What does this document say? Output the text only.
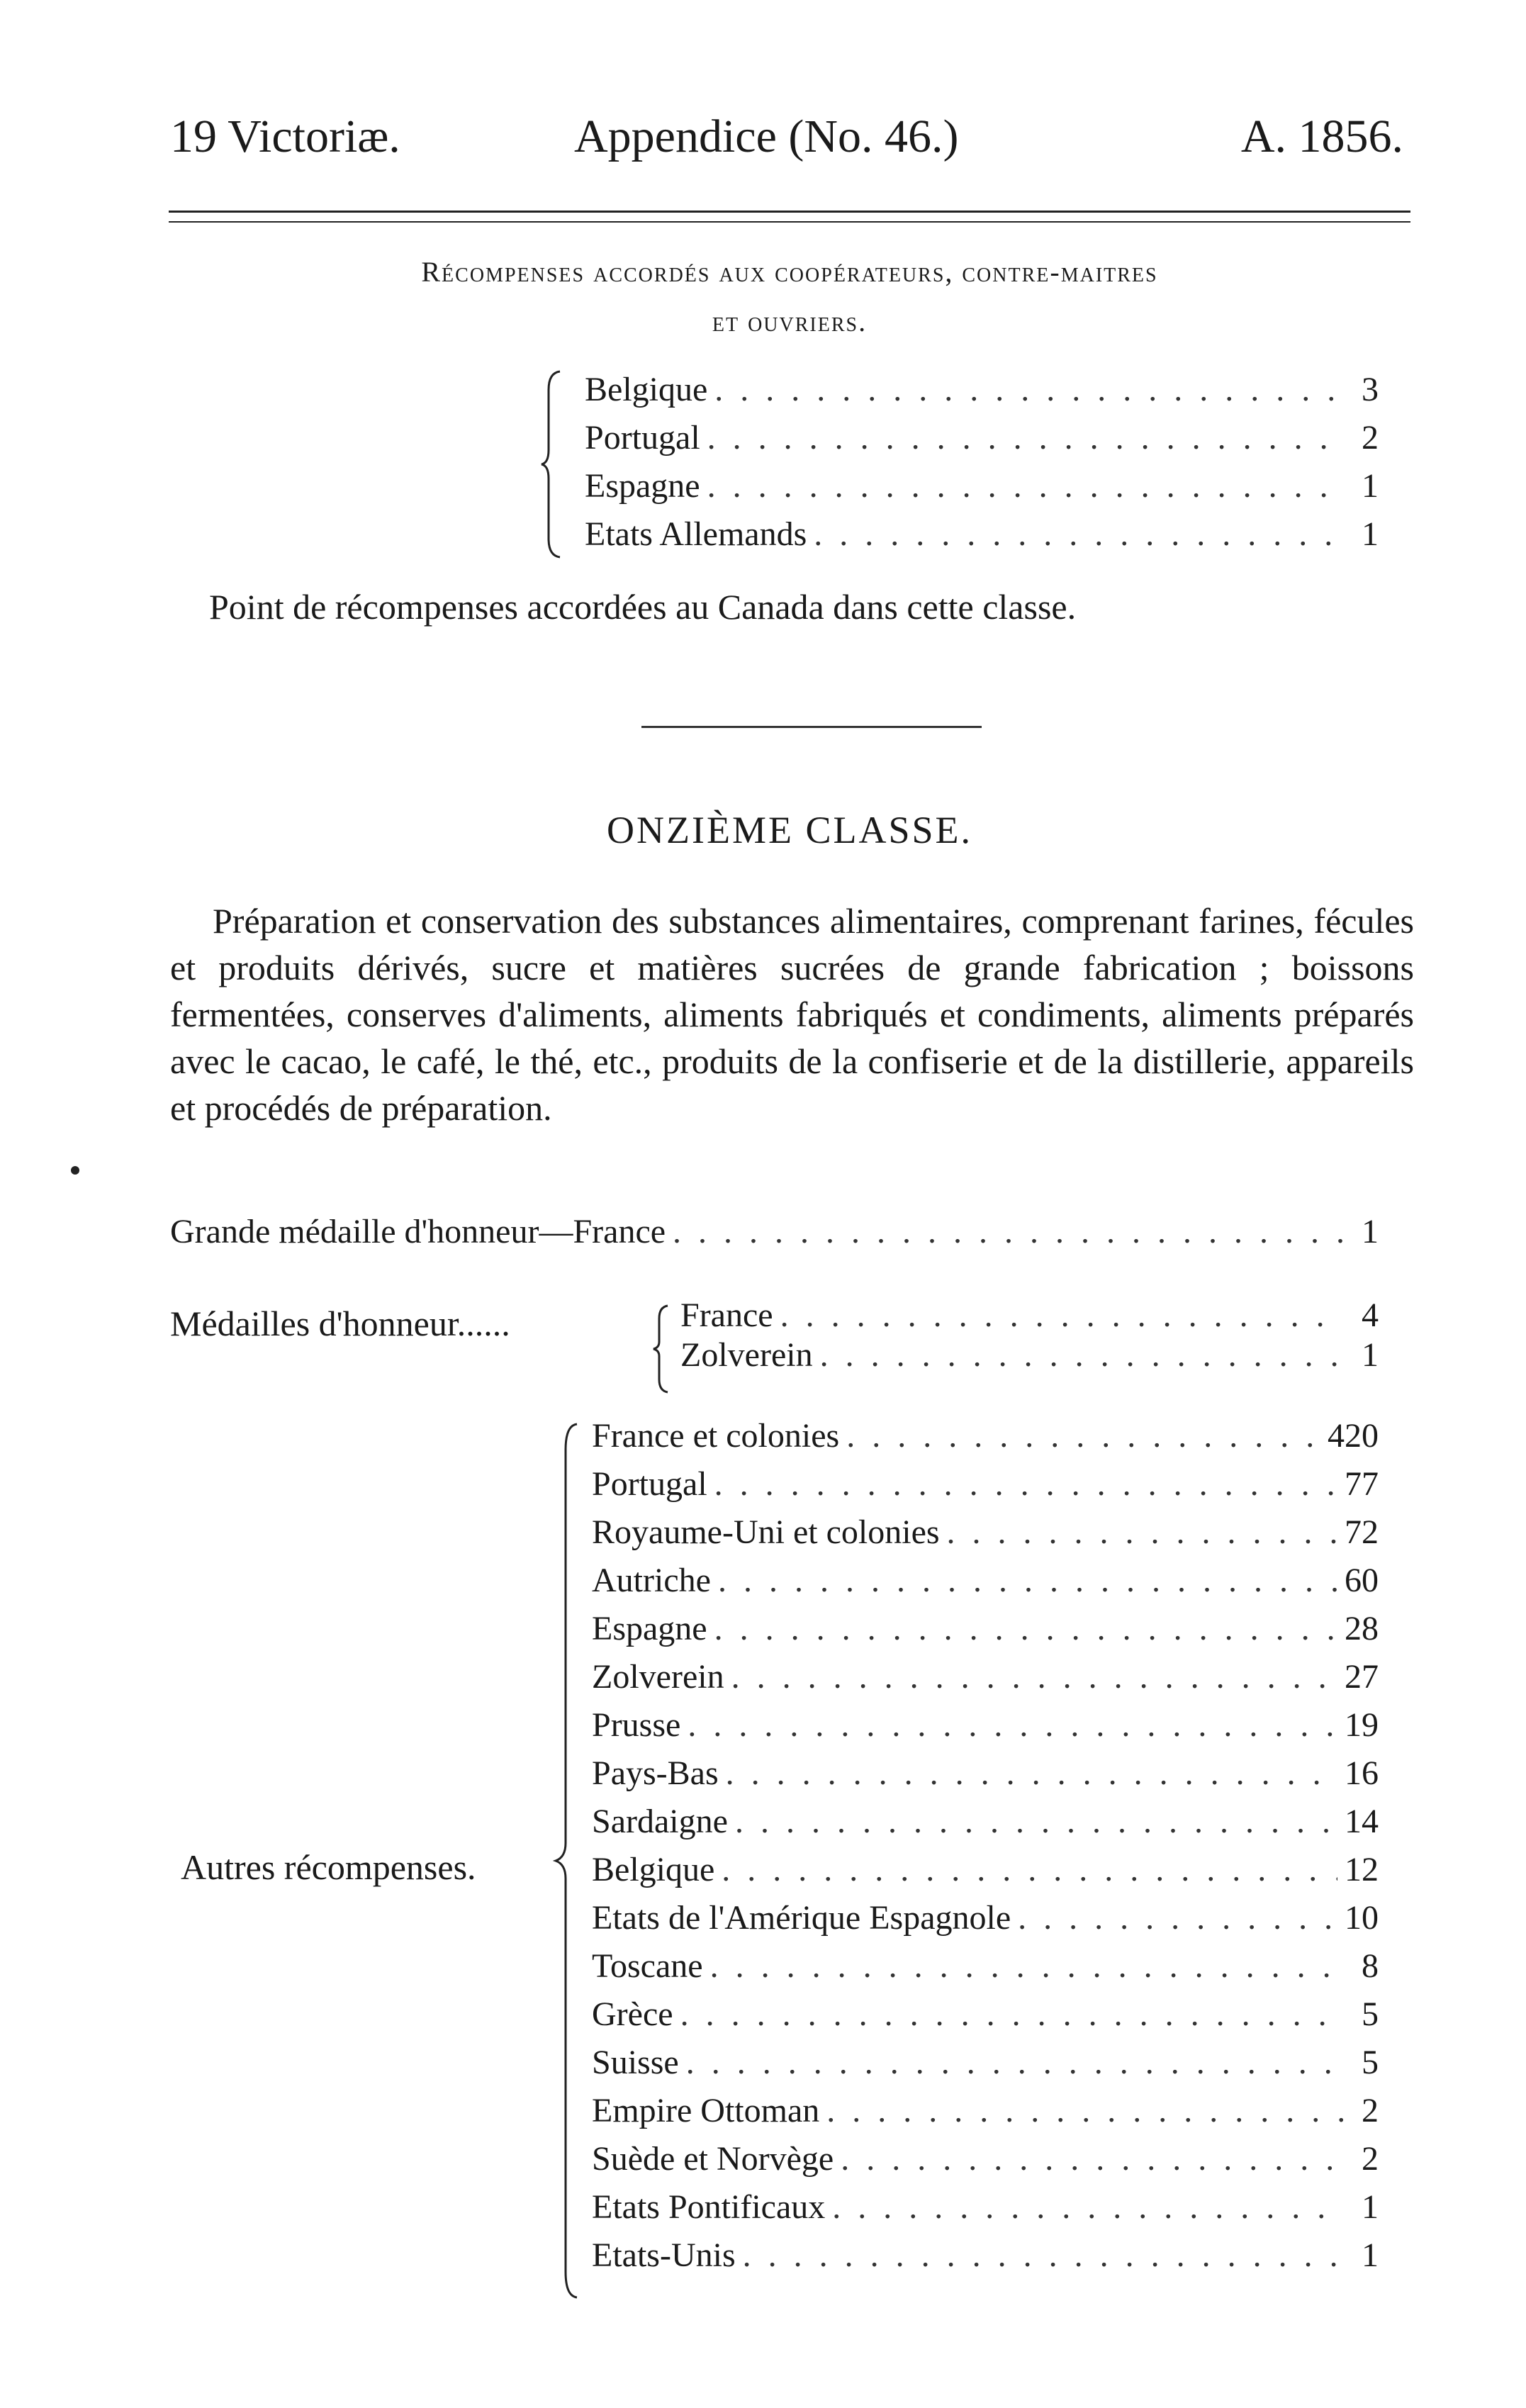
19 Victoriæ.	Appendice (No. 46.)	A. 1856.
Récompenses accordés aux coopérateurs, contre-maitres
et ouvriers.
Belgique . . .	3
Portugal . . .	2
Espagne . . .	1
Etats Allemands . . .	1
Point de récompenses accordées au Canada dans cette classe.
ONZIÈME CLASSE.

Préparation et conservation des substances alimentaires, comprenant farines, fécules et produits dérivés, sucre et matières sucrées de grande fabrication ; boissons fermentées, conserves d'aliments, aliments fabriqués et condiments, aliments préparés avec le cacao, le café, le thé, etc., produits de la confiserie et de la distillerie, appareils et procédés de préparation.

Grande médaille d'honneur—France . . .	1
Médailles d'honneur......	France . . .	4
Zolverein . . .	1
Autres récompenses.
France et colonies . . .	420
Portugal . . .	77
Royaume-Uni et colonies . . .	72
Autriche . . .	60
Espagne . . .	28
Zolverein . . .	27
Prusse . . .	19
Pays-Bas . . .	16
Sardaigne . . .	14
Belgique . . .	12
Etats de l'Amérique Espagnole . . .	10
Toscane . . .	8
Grèce . . .	5
Suisse . . .	5
Empire Ottoman . . .	2
Suède et Norvège . . .	2
Etats Pontificaux . . .	1
Etats-Unis . . .	1
